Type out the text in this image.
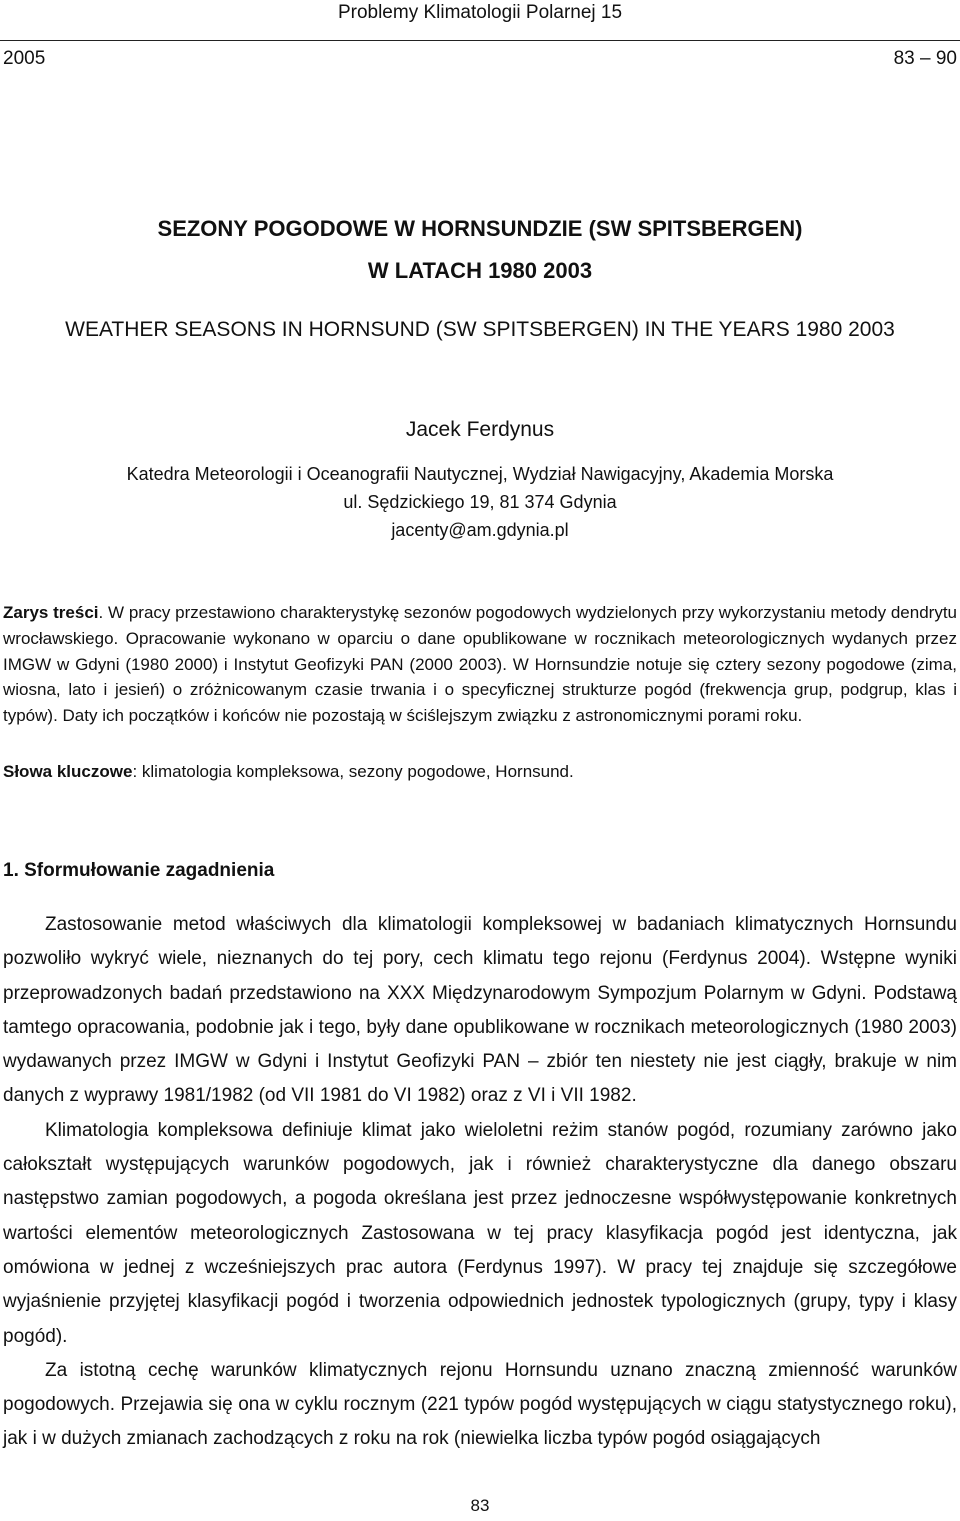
Problemy Klimatologii Polarnej 15
2005	83 – 90
SEZONY POGODOWE W HORNSUNDZIE (SW SPITSBERGEN)
W LATACH 1980 2003
WEATHER SEASONS IN HORNSUND (SW SPITSBERGEN) IN THE YEARS 1980 2003
Jacek Ferdynus
Katedra Meteorologii i Oceanografii Nautycznej, Wydział Nawigacyjny, Akademia Morska
ul. Sędzickiego 19, 81 374 Gdynia
jacenty@am.gdynia.pl

Zarys treści. W pracy przestawiono charakterystykę sezonów pogodowych wydzielonych przy wykorzystaniu metody dendrytu wrocławskiego. Opracowanie wykonano w oparciu o dane opublikowane w rocznikach meteorologicznych wydanych przez IMGW w Gdyni (1980 2000) i Instytut Geofizyki PAN (2000 2003). W Hornsundzie notuje się cztery sezony pogodowe (zima, wiosna, lato i jesień) o zróżnicowanym czasie trwania i o specyficznej strukturze pogód (frekwencja grup, podgrup, klas i typów). Daty ich początków i końców nie pozostają w ściślejszym związku z astronomicznymi porami roku.

Słowa kluczowe: klimatologia kompleksowa, sezony pogodowe, Hornsund.
1. Sformułowanie zagadnienia

Zastosowanie metod właściwych dla klimatologii kompleksowej w badaniach klimatycznych Hornsundu pozwoliło wykryć wiele, nieznanych do tej pory, cech klimatu tego rejonu (Ferdynus 2004). Wstępne wyniki przeprowadzonych badań przedstawiono na XXX Międzynarodowym Sympozjum Polarnym w Gdyni. Podstawą tamtego opracowania, podobnie jak i tego, były dane opublikowane w rocznikach meteorologicznych (1980 2003) wydawanych przez IMGW w Gdyni i Instytut Geofizyki PAN – zbiór ten niestety nie jest ciągły, brakuje w nim danych z wyprawy 1981/1982 (od VII 1981 do VI 1982) oraz z VI i VII 1982.

Klimatologia kompleksowa definiuje klimat jako wieloletni reżim stanów pogód, rozumiany zarówno jako całokształt występujących warunków pogodowych, jak i również charakterystyczne dla danego obszaru następstwo zamian pogodowych, a pogoda określana jest przez jednoczesne współwystępowanie konkretnych wartości elementów meteorologicznych Zastosowana w tej pracy klasyfikacja pogód jest identyczna, jak omówiona w jednej z wcześniejszych prac autora (Ferdynus 1997). W pracy tej znajduje się szczegółowe wyjaśnienie przyjętej klasyfikacji pogód i tworzenia odpowiednich jednostek typologicznych (grupy, typy i klasy pogód).

Za istotną cechę warunków klimatycznych rejonu Hornsundu uznano znaczną zmienność warunków pogodowych. Przejawia się ona w cyklu rocznym (221 typów pogód występujących w ciągu statystycznego roku), jak i w dużych zmianach zachodzących z roku na rok (niewielka liczba typów pogód osiągających

83
